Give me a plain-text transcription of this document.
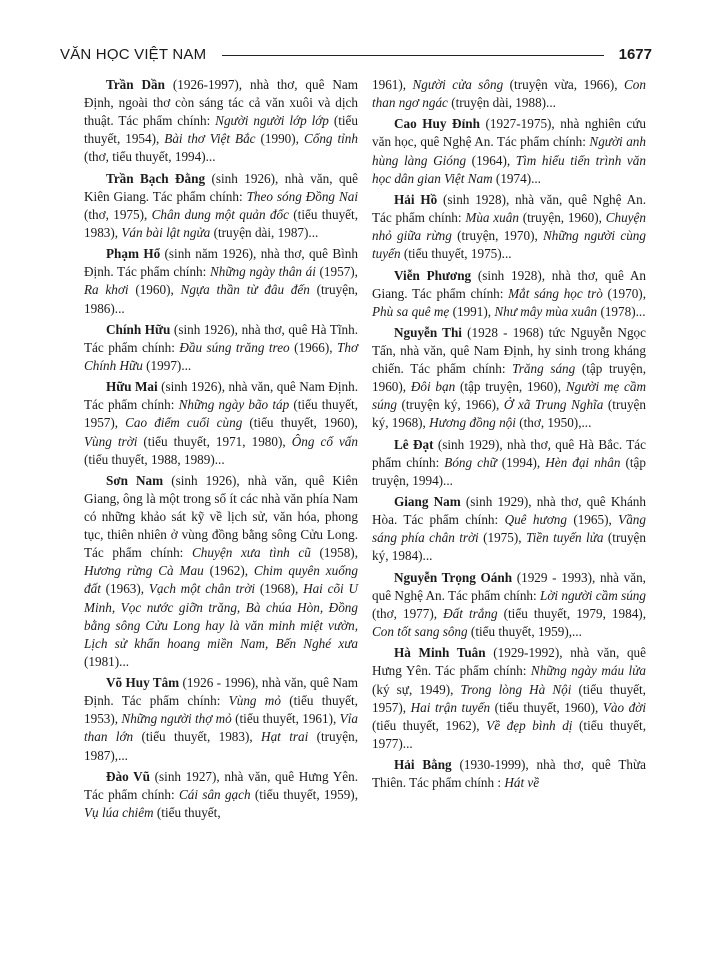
VĂN HỌC VIỆT NAM	1677

Trần Dần (1926-1997), nhà thơ, quê Nam Định, ngoài thơ còn sáng tác cả văn xuôi và dịch thuật. Tác phẩm chính: Người người lớp lớp (tiểu thuyết, 1954), Bài thơ Việt Bắc (1990), Cổng tỉnh (thơ, tiểu thuyết, 1994)...

Trần Bạch Đằng (sinh 1926), nhà văn, quê Kiên Giang. Tác phẩm chính: Theo sóng Đồng Nai (thơ, 1975), Chân dung một quản đốc (tiểu thuyết, 1983), Ván bài lật ngửa (truyện dài, 1987)...

Phạm Hổ (sinh năm 1926), nhà thơ, quê Bình Định. Tác phẩm chính: Những ngày thân ái (1957), Ra khơi (1960), Ngựa thần từ đâu đến (truyện, 1986)...

Chính Hữu (sinh 1926), nhà thơ, quê Hà Tĩnh. Tác phẩm chính: Đầu súng trăng treo (1966), Thơ Chính Hữu (1997)...

Hữu Mai (sinh 1926), nhà văn, quê Nam Định. Tác phẩm chính: Những ngày bão táp (tiểu thuyết, 1957), Cao điểm cuối cùng (tiểu thuyết, 1960), Vùng trời (tiểu thuyết, 1971, 1980), Ông cố vấn (tiểu thuyết, 1988, 1989)...

Sơn Nam (sinh 1926), nhà văn, quê Kiên Giang, ông là một trong số ít các nhà văn phía Nam có những khảo sát kỹ về lịch sử, văn hóa, phong tục, thiên nhiên ở vùng đồng bằng sông Cửu Long. Tác phẩm chính: Chuyện xưa tình cũ (1958), Hương rừng Cà Mau (1962), Chim quyên xuống đất (1963), Vạch một chân trời (1968), Hai cõi U Minh, Vọc nước giỡn trăng, Bà chúa Hòn, Đồng bằng sông Cửu Long hay là văn minh miệt vườn, Lịch sử khẩn hoang miền Nam, Bến Nghé xưa (1981)...

Võ Huy Tâm (1926 - 1996), nhà văn, quê Nam Định. Tác phẩm chính: Vùng mỏ (tiểu thuyết, 1953), Những người thợ mỏ (tiểu thuyết, 1961), Vỉa than lớn (tiểu thuyết, 1983), Hạt trai (truyện, 1987),...

Đào Vũ (sinh 1927), nhà văn, quê Hưng Yên. Tác phẩm chính: Cái sân gạch (tiểu thuyết, 1959), Vụ lúa chiêm (tiểu thuyết,

1961), Người cửa sông (truyện vừa, 1966), Con than ngơ ngác (truyện dài, 1988)...

Cao Huy Đỉnh (1927-1975), nhà nghiên cứu văn học, quê Nghệ An. Tác phẩm chính: Người anh hùng làng Gióng (1964), Tìm hiểu tiến trình văn học dân gian Việt Nam (1974)...

Hải Hồ (sinh 1928), nhà văn, quê Nghệ An. Tác phẩm chính: Mùa xuân (truyện, 1960), Chuyện nhỏ giữa rừng (truyện, 1970), Những người cùng tuyến (tiểu thuyết, 1975)...

Viễn Phương (sinh 1928), nhà thơ, quê An Giang. Tác phẩm chính: Mắt sáng học trò (1970), Phù sa quê mẹ (1991), Như mây mùa xuân (1978)...

Nguyễn Thi (1928 - 1968) tức Nguyễn Ngọc Tấn, nhà văn, quê Nam Định, hy sinh trong kháng chiến. Tác phẩm chính: Trăng sáng (tập truyện, 1960), Đôi bạn (tập truyện, 1960), Người mẹ cầm súng (truyện ký, 1966), Ở xã Trung Nghĩa (truyện ký, 1968), Hương đồng nội (thơ, 1950),...

Lê Đạt (sinh 1929), nhà thơ, quê Hà Bắc. Tác phẩm chính: Bóng chữ (1994), Hèn đại nhân (tập truyện, 1994)...

Giang Nam (sinh 1929), nhà thơ, quê Khánh Hòa. Tác phẩm chính: Quê hương (1965), Vầng sáng phía chân trời (1975), Tiền tuyến lửa (truyện ký, 1984)...

Nguyễn Trọng Oánh (1929 - 1993), nhà văn, quê Nghệ An. Tác phẩm chính: Lời người cầm súng (thơ, 1977), Đất trắng (tiểu thuyết, 1979, 1984), Con tốt sang sông (tiểu thuyết, 1959),...

Hà Minh Tuân (1929-1992), nhà văn, quê Hưng Yên. Tác phẩm chính: Những ngày máu lửa (ký sự, 1949), Trong lòng Hà Nội (tiểu thuyết, 1957), Hai trận tuyến (tiểu thuyết, 1960), Vào đời (tiểu thuyết, 1962), Về đẹp bình dị (tiểu thuyết, 1977)...

Hải Bằng (1930-1999), nhà thơ, quê Thừa Thiên. Tác phẩm chính : Hát về
